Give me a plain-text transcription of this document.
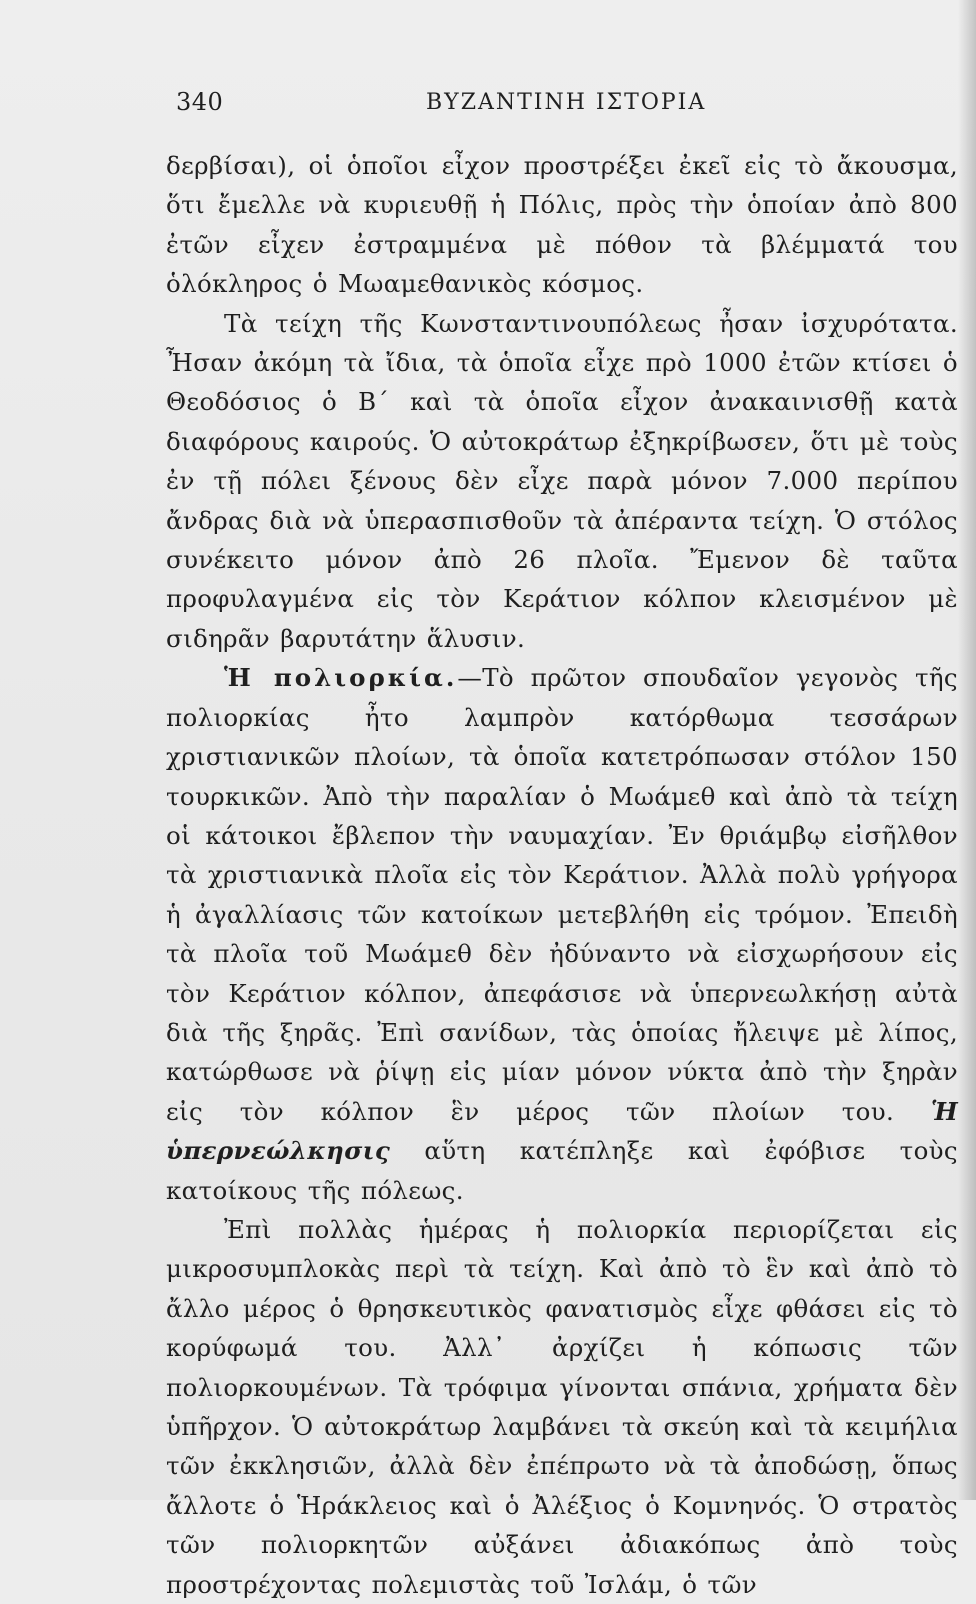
340	ΒΥΖΑΝΤΙΝΗ ΙΣΤΟΡΙΑ

δερβίσαι), οἱ ὁποῖοι εἶχον προστρέξει ἐκεῖ εἰς τὸ ἄκουσμα, ὅτι ἔμελλε νὰ κυριευθῇ ἡ Πόλις, πρὸς τὴν ὁποίαν ἀπὸ 800 ἐτῶν εἶχεν ἐστραμμένα μὲ πόθον τὰ βλέμματά του ὁλόκληρος ὁ Μωαμεθανικὸς κόσμος.

Τὰ τείχη τῆς Κωνσταντινουπόλεως ἦσαν ἰσχυρότατα. Ἦσαν ἀκόμη τὰ ἴδια, τὰ ὁποῖα εἶχε πρὸ 1000 ἐτῶν κτίσει ὁ Θεοδόσιος ὁ Β΄ καὶ τὰ ὁποῖα εἶχον ἀνακαινισθῇ κατὰ διαφόρους καιρούς. Ὁ αὐτοκράτωρ ἐξηκρίβωσεν, ὅτι μὲ τοὺς ἐν τῇ πόλει ξένους δὲν εἶχε παρὰ μόνον 7.000 περίπου ἄνδρας διὰ νὰ ὑπερασπισθοῦν τὰ ἀπέραντα τείχη. Ὁ στόλος συνέκειτο μόνον ἀπὸ 26 πλοῖα. Ἔμενον δὲ ταῦτα προφυλαγμένα εἰς τὸν Κεράτιον κόλπον κλεισμένον μὲ σιδηρᾶν βαρυτάτην ἅλυσιν.

Ἡ πολιορκία.—Τὸ πρῶτον σπουδαῖον γεγονὸς τῆς πολιορκίας ἦτο λαμπρὸν κατόρθωμα τεσσάρων χριστιανικῶν πλοίων, τὰ ὁποῖα κατετρόπωσαν στόλον 150 τουρκικῶν. Ἀπὸ τὴν παραλίαν ὁ Μωάμεθ καὶ ἀπὸ τὰ τείχη οἱ κάτοικοι ἔβλεπον τὴν ναυμαχίαν. Ἐν θριάμβῳ εἰσῆλθον τὰ χριστιανικὰ πλοῖα εἰς τὸν Κεράτιον. Ἀλλὰ πολὺ γρήγορα ἡ ἀγαλλίασις τῶν κατοίκων μετεβλήθη εἰς τρόμον. Ἐπειδὴ τὰ πλοῖα τοῦ Μωάμεθ δὲν ἠδύναντο νὰ εἰσχωρήσουν εἰς τὸν Κεράτιον κόλπον, ἀπεφάσισε νὰ ὑπερνεωλκήσῃ αὐτὰ διὰ τῆς ξηρᾶς. Ἐπὶ σανίδων, τὰς ὁποίας ἤλειψε μὲ λίπος, κατώρθωσε νὰ ῥίψῃ εἰς μίαν μόνον νύκτα ἀπὸ τὴν ξηρὰν εἰς τὸν κόλπον ἓν μέρος τῶν πλοίων του. Ἡ ὑπερνεώλκησις αὕτη κατέπληξε καὶ ἐφόβισε τοὺς κατοίκους τῆς πόλεως.

Ἐπὶ πολλὰς ἡμέρας ἡ πολιορκία περιορίζεται εἰς μικροσυμπλοκὰς περὶ τὰ τείχη. Καὶ ἀπὸ τὸ ἓν καὶ ἀπὸ τὸ ἄλλο μέρος ὁ θρησκευτικὸς φανατισμὸς εἶχε φθάσει εἰς τὸ κορύφωμά του. Ἀλλ᾽ ἀρχίζει ἡ κόπωσις τῶν πολιορκουμένων. Τὰ τρόφιμα γίνονται σπάνια, χρήματα δὲν ὑπῆρχον. Ὁ αὐτοκράτωρ λαμβάνει τὰ σκεύη καὶ τὰ κειμήλια τῶν ἐκκλησιῶν, ἀλλὰ δὲν ἐπέπρωτο νὰ τὰ ἀποδώσῃ, ὅπως ἄλλοτε ὁ Ἡράκλειος καὶ ὁ Ἀλέξιος ὁ Κομνηνός. Ὁ στρατὸς τῶν πολιορκητῶν αὐξάνει ἀδιακόπως ἀπὸ τοὺς προστρέχοντας πολεμιστὰς τοῦ Ἰσλάμ, ὁ τῶν
